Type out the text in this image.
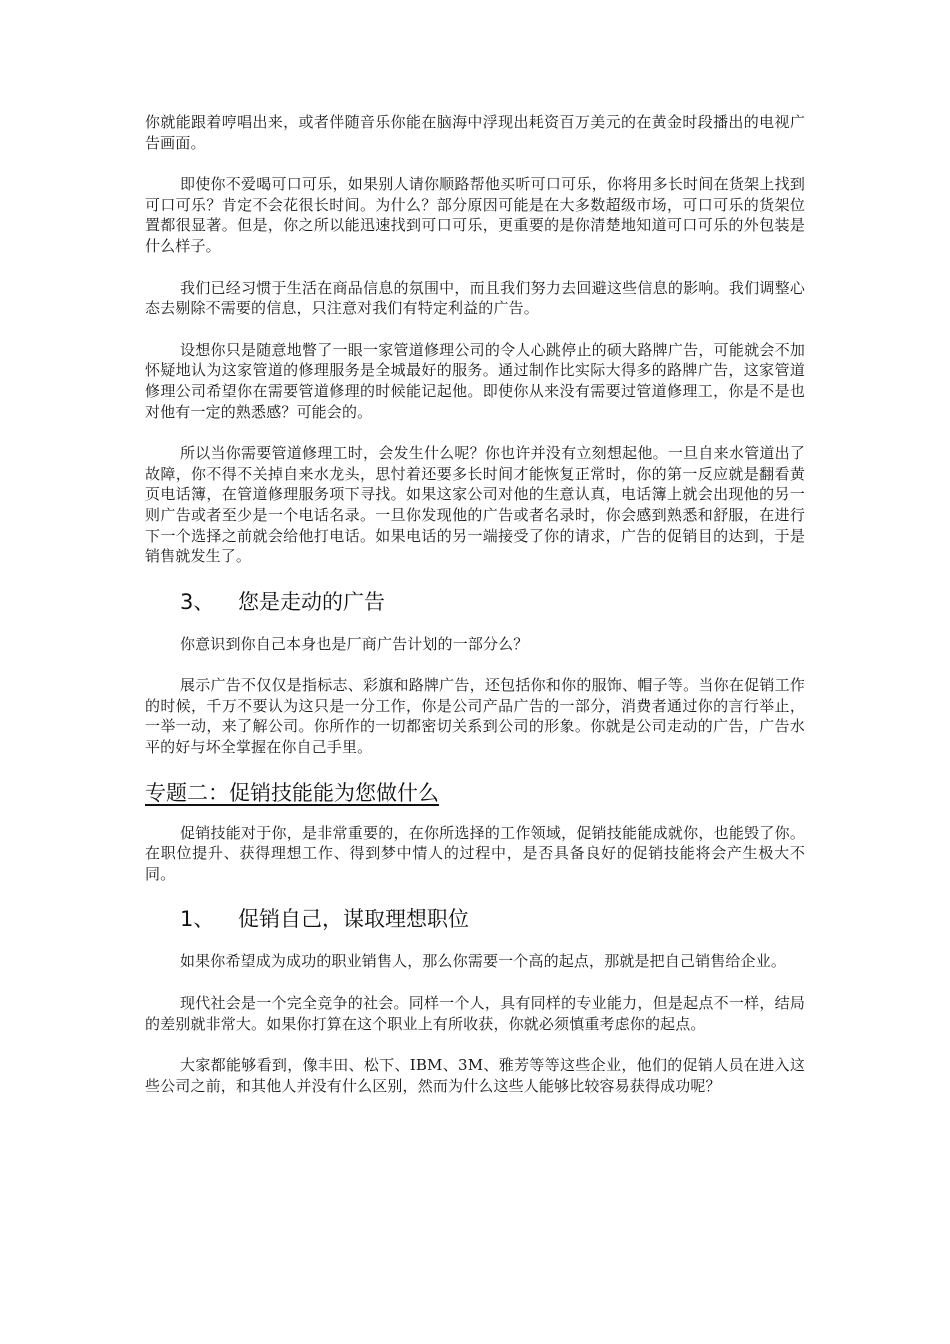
你就能跟着哼唱出来，或者伴随音乐你能在脑海中浮现出耗资百万美元的在黄金时段播出的电视广告画面。

即使你不爱喝可口可乐，如果别人请你顺路帮他买听可口可乐，你将用多长时间在货架上找到可口可乐？肯定不会花很长时间。为什么？部分原因可能是在大多数超级市场，可口可乐的货架位置都很显著。但是，你之所以能迅速找到可口可乐，更重要的是你清楚地知道可口可乐的外包装是什么样子。

我们已经习惯于生活在商品信息的氛围中，而且我们努力去回避这些信息的影响。我们调整心态去剔除不需要的信息，只注意对我们有特定利益的广告。

设想你只是随意地瞥了一眼一家管道修理公司的令人心跳停止的硕大路牌广告，可能就会不加怀疑地认为这家管道的修理服务是全城最好的服务。通过制作比实际大得多的路牌广告，这家管道修理公司希望你在需要管道修理的时候能记起他。即使你从来没有需要过管道修理工，你是不是也对他有一定的熟悉感？可能会的。

所以当你需要管道修理工时，会发生什么呢？你也许并没有立刻想起他。一旦自来水管道出了故障，你不得不关掉自来水龙头，思忖着还要多长时间才能恢复正常时，你的第一反应就是翻看黄页电话簿，在管道修理服务项下寻找。如果这家公司对他的生意认真，电话簿上就会出现他的另一则广告或者至少是一个电话名录。一旦你发现他的广告或者名录时，你会感到熟悉和舒服，在进行下一个选择之前就会给他打电话。如果电话的另一端接受了你的请求，广告的促销目的达到，于是销售就发生了。

3、 您是走动的广告

你意识到你自己本身也是厂商广告计划的一部分么？

展示广告不仅仅是指标志、彩旗和路牌广告，还包括你和你的服饰、帽子等。当你在促销工作的时候，千万不要认为这只是一分工作，你是公司产品广告的一部分，消费者通过你的言行举止，一举一动，来了解公司。你所作的一切都密切关系到公司的形象。你就是公司走动的广告，广告水平的好与坏全掌握在你自己手里。

专题二：促销技能能为您做什么

促销技能对于你，是非常重要的，在你所选择的工作领域，促销技能能成就你，也能毁了你。在职位提升、获得理想工作、得到梦中情人的过程中，是否具备良好的促销技能将会产生极大不同。

1、 促销自己，谋取理想职位

如果你希望成为成功的职业销售人，那么你需要一个高的起点，那就是把自己销售给企业。

现代社会是一个完全竞争的社会。同样一个人，具有同样的专业能力，但是起点不一样，结局的差别就非常大。如果你打算在这个职业上有所收获，你就必须慎重考虑你的起点。

大家都能够看到，像丰田、松下、IBM、3M、雅芳等等这些企业，他们的促销人员在进入这些公司之前，和其他人并没有什么区别，然而为什么这些人能够比较容易获得成功呢？
